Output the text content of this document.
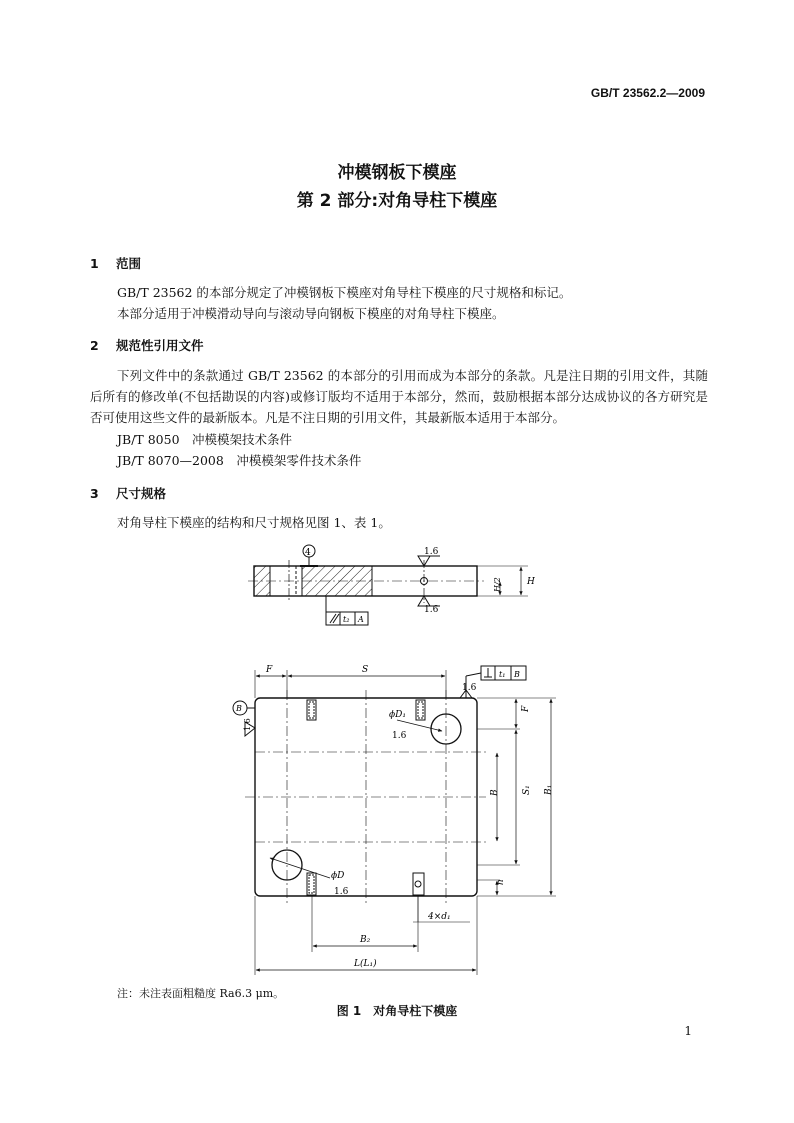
GB/T 23562.2—2009
冲模钢板下模座
第 2 部分:对角导柱下模座
1 范围
GB/T 23562 的本部分规定了冲模钢板下模座对角导柱下模座的尺寸规格和标记。
本部分适用于冲模滑动导向与滚动导向钢板下模座的对角导柱下模座。
2 规范性引用文件
下列文件中的条款通过 GB/T 23562 的本部分的引用而成为本部分的条款。凡是注日期的引用文件，其随后所有的修改单(不包括勘误的内容)或修订版均不适用于本部分，然而，鼓励根据本部分达成协议的各方研究是否可使用这些文件的最新版本。凡是不注日期的引用文件，其最新版本适用于本部分。
JB/T 8050　 冲模模架技术条件
JB/T 8070—2008　 冲模模架零件技术条件
3 尺寸规格
对角导柱下模座的结构和尺寸规格见图 1、表 1。
4	1.6
1.6
H
H/2
t₂ A
F	S	t₁ B
1.6
B
1.6
ϕD₁
1.6
ϕD
1.6
F
B S₁ B₁
h
4×d₁
B₂
L(L₁)
注：未注表面粗糙度 Ra6.3 μm。
图 1　对角导柱下模座
1
